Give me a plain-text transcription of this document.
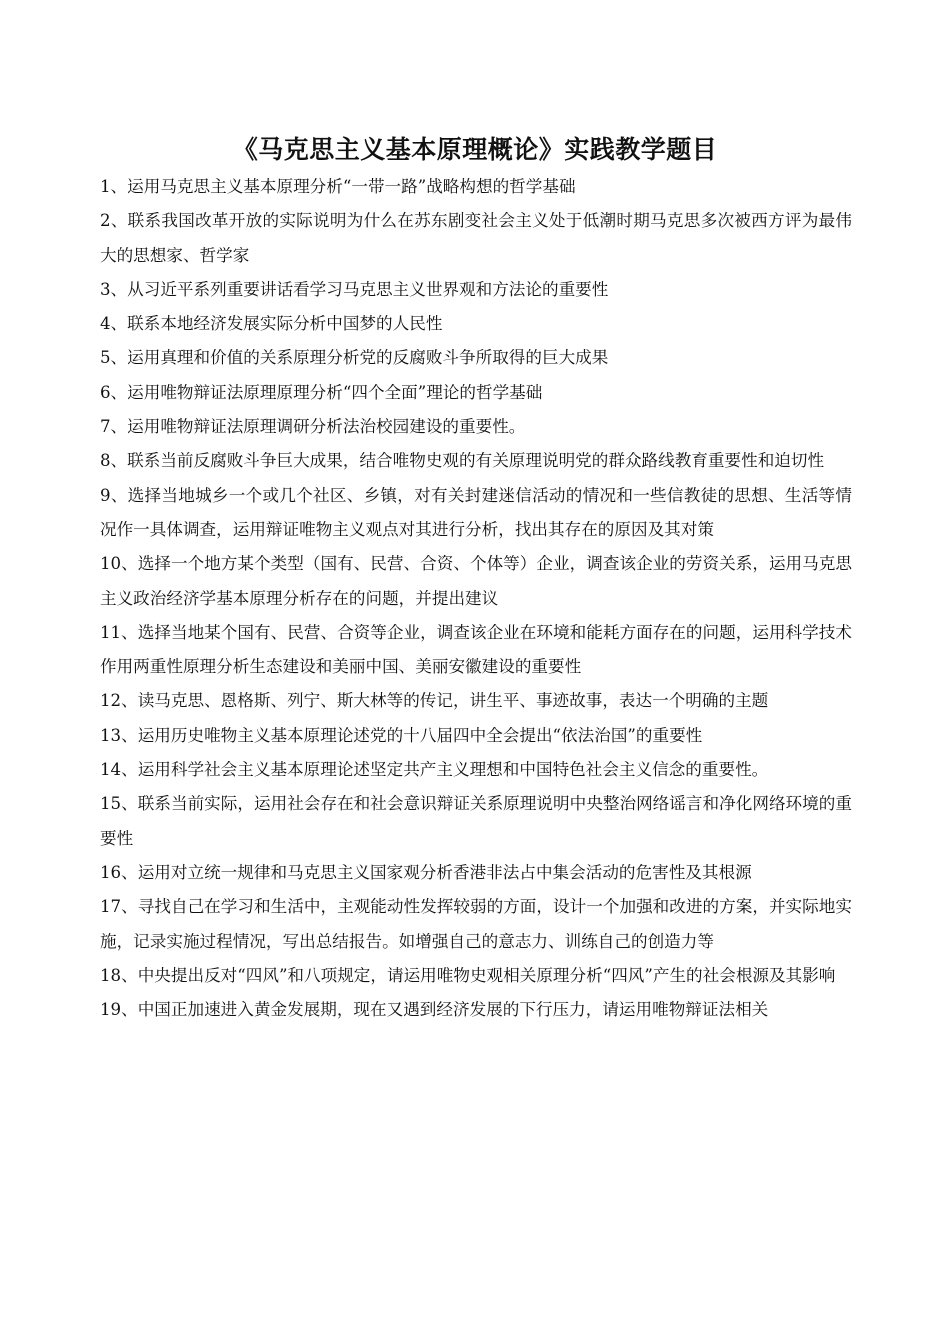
《马克思主义基本原理概论》实践教学题目
1、运用马克思主义基本原理分析“一带一路”战略构想的哲学基础
2、联系我国改革开放的实际说明为什么在苏东剧变社会主义处于低潮时期马克思多次被西方评为最伟大的思想家、哲学家
3、从习近平系列重要讲话看学习马克思主义世界观和方法论的重要性
4、联系本地经济发展实际分析中国梦的人民性
5、运用真理和价值的关系原理分析党的反腐败斗争所取得的巨大成果
6、运用唯物辩证法原理原理分析“四个全面”理论的哲学基础
7、运用唯物辩证法原理调研分析法治校园建设的重要性。
8、联系当前反腐败斗争巨大成果，结合唯物史观的有关原理说明党的群众路线教育重要性和迫切性
9、选择当地城乡一个或几个社区、乡镇，对有关封建迷信活动的情况和一些信教徒的思想、生活等情况作一具体调查，运用辩证唯物主义观点对其进行分析，找出其存在的原因及其对策
10、选择一个地方某个类型（国有、民营、合资、个体等）企业，调查该企业的劳资关系，运用马克思主义政治经济学基本原理分析存在的问题，并提出建议
11、选择当地某个国有、民营、合资等企业，调查该企业在环境和能耗方面存在的问题，运用科学技术作用两重性原理分析生态建设和美丽中国、美丽安徽建设的重要性
12、读马克思、恩格斯、列宁、斯大林等的传记，讲生平、事迹故事，表达一个明确的主题
13、运用历史唯物主义基本原理论述党的十八届四中全会提出“依法治国”的重要性
14、运用科学社会主义基本原理论述坚定共产主义理想和中国特色社会主义信念的重要性。
15、联系当前实际，运用社会存在和社会意识辩证关系原理说明中央整治网络谣言和净化网络环境的重要性
16、运用对立统一规律和马克思主义国家观分析香港非法占中集会活动的危害性及其根源
17、寻找自己在学习和生活中，主观能动性发挥较弱的方面，设计一个加强和改进的方案，并实际地实施，记录实施过程情况，写出总结报告。如增强自己的意志力、训练自己的创造力等
18、中央提出反对“四风”和八项规定，请运用唯物史观相关原理分析“四风”产生的社会根源及其影响
19、中国正加速进入黄金发展期，现在又遇到经济发展的下行压力，请运用唯物辩证法相关
